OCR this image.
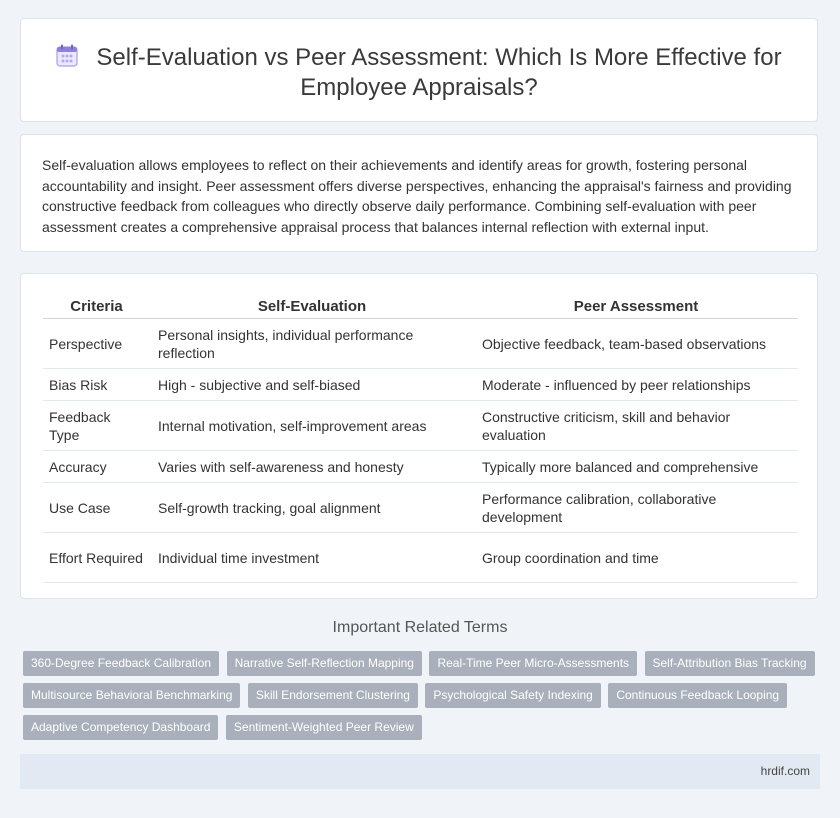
Self-Evaluation vs Peer Assessment: Which Is More Effective for Employee Appraisals?

Self-evaluation allows employees to reflect on their achievements and identify areas for growth, fostering personal accountability and insight. Peer assessment offers diverse perspectives, enhancing the appraisal's fairness and providing constructive feedback from colleagues who directly observe daily performance. Combining self-evaluation with peer assessment creates a comprehensive appraisal process that balances internal reflection with external input.

Criteria	Self-Evaluation	Peer Assessment
Perspective	Personal insights, individual performance reflection	Objective feedback, team-based observations
Bias Risk	High - subjective and self-biased	Moderate - influenced by peer relationships
Feedback Type	Internal motivation, self-improvement areas	Constructive criticism, skill and behavior evaluation
Accuracy	Varies with self-awareness and honesty	Typically more balanced and comprehensive
Use Case	Self-growth tracking, goal alignment	Performance calibration, collaborative development
Effort Required	Individual time investment	Group coordination and time
Important Related Terms
360-Degree Feedback Calibration Narrative Self-Reflection Mapping Real-Time Peer Micro-Assessments Self-Attribution Bias Tracking
Multisource Behavioral Benchmarking Skill Endorsement Clustering Psychological Safety Indexing Continuous Feedback Looping
Adaptive Competency Dashboard Sentiment-Weighted Peer Review
hrdif.com
